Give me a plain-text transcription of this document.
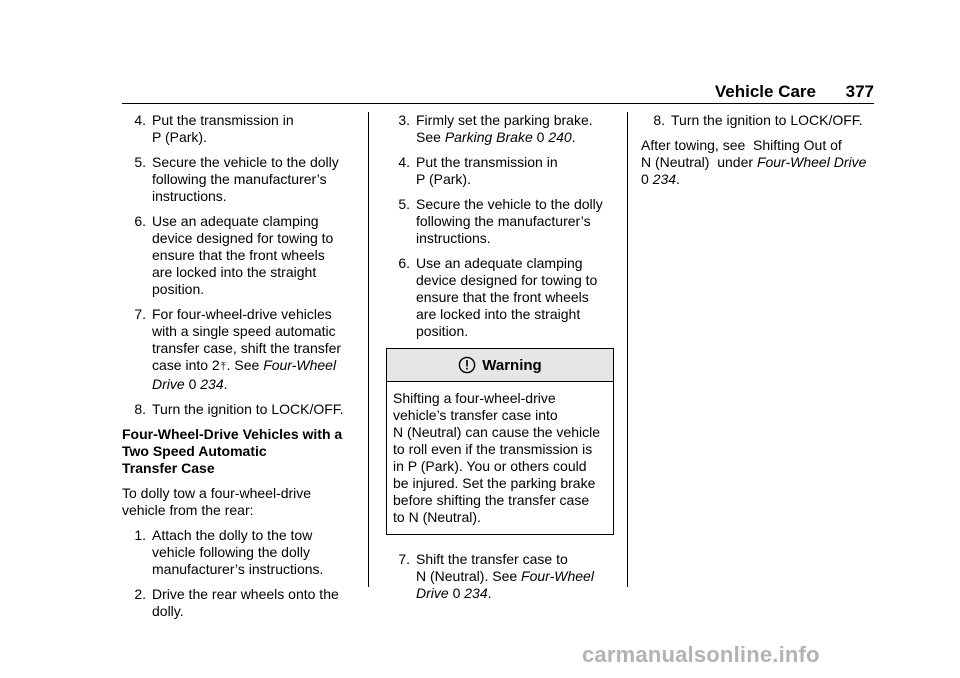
Vehicle Care 377
4. Put the transmission in
P (Park).
5. Secure the vehicle to the dolly
following the manufacturer’s
instructions.
6. Use an adequate clamping
device designed for towing to
ensure that the front wheels
are locked into the straight
position.
7. For four-wheel-drive vehicles
with a single speed automatic
transfer case, shift the transfer
case into 2⤒. See Four-Wheel
Drive 0 234.
8. Turn the ignition to LOCK/OFF.
Four-Wheel-Drive Vehicles with a
Two Speed Automatic
Transfer Case
To dolly tow a four-wheel-drive
vehicle from the rear:
1. Attach the dolly to the tow
vehicle following the dolly
manufacturer’s instructions.
2. Drive the rear wheels onto the
dolly.
3. Firmly set the parking brake.
See Parking Brake 0 240.
4. Put the transmission in
P (Park).
5. Secure the vehicle to the dolly
following the manufacturer’s
instructions.
6. Use an adequate clamping
device designed for towing to
ensure that the front wheels
are locked into the straight
position.
Warning
Shifting a four-wheel-drive
vehicle’s transfer case into
N (Neutral) can cause the vehicle
to roll even if the transmission is
in P (Park). You or others could
be injured. Set the parking brake
before shifting the transfer case
to N (Neutral).
7. Shift the transfer case to
N (Neutral). See Four-Wheel
Drive 0 234.
8. Turn the ignition to LOCK/OFF.
After towing, see  Shifting Out of
N (Neutral)  under Four-Wheel Drive
0 234.
carmanualsonline.info
